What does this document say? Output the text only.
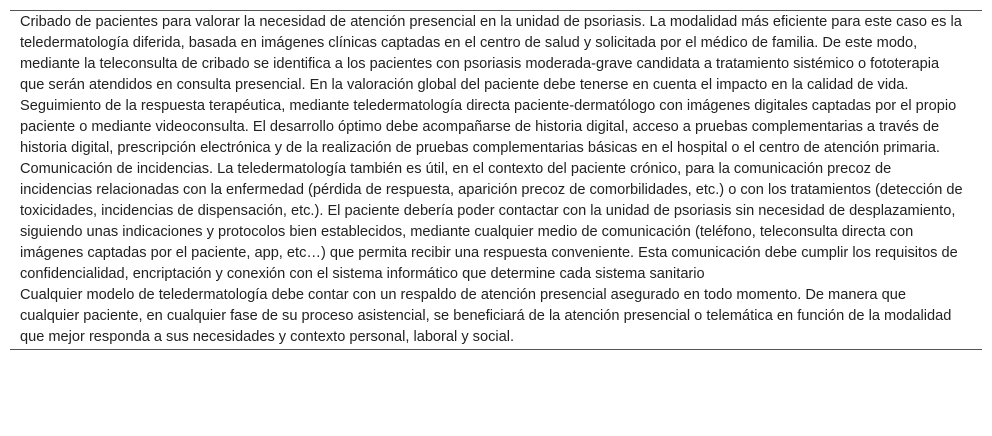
Cribado de pacientes para valorar la necesidad de atención presencial en la unidad de psoriasis. La modalidad más eficiente para este caso es la teledermatología diferida, basada en imágenes clínicas captadas en el centro de salud y solicitada por el médico de familia. De este modo, mediante la teleconsulta de cribado se identifica a los pacientes con psoriasis moderada-grave candidata a tratamiento sistémico o fototerapia que serán atendidos en consulta presencial. En la valoración global del paciente debe tenerse en cuenta el impacto en la calidad de vida.

Seguimiento de la respuesta terapéutica, mediante teledermatología directa paciente-dermatólogo con imágenes digitales captadas por el propio paciente o mediante videoconsulta. El desarrollo óptimo debe acompañarse de historia digital, acceso a pruebas complementarias a través de historia digital, prescripción electrónica y de la realización de pruebas complementarias básicas en el hospital o el centro de atención primaria.

Comunicación de incidencias. La teledermatología también es útil, en el contexto del paciente crónico, para la comunicación precoz de incidencias relacionadas con la enfermedad (pérdida de respuesta, aparición precoz de comorbilidades, etc.) o con los tratamientos (detección de toxicidades, incidencias de dispensación, etc.). El paciente debería poder contactar con la unidad de psoriasis sin necesidad de desplazamiento, siguiendo unas indicaciones y protocolos bien establecidos, mediante cualquier medio de comunicación (teléfono, teleconsulta directa con imágenes captadas por el paciente, app, etc…) que permita recibir una respuesta conveniente. Esta comunicación debe cumplir los requisitos de confidencialidad, encriptación y conexión con el sistema informático que determine cada sistema sanitario

Cualquier modelo de teledermatología debe contar con un respaldo de atención presencial asegurado en todo momento. De manera que cualquier paciente, en cualquier fase de su proceso asistencial, se beneficiará de la atención presencial o telemática en función de la modalidad que mejor responda a sus necesidades y contexto personal, laboral y social.
